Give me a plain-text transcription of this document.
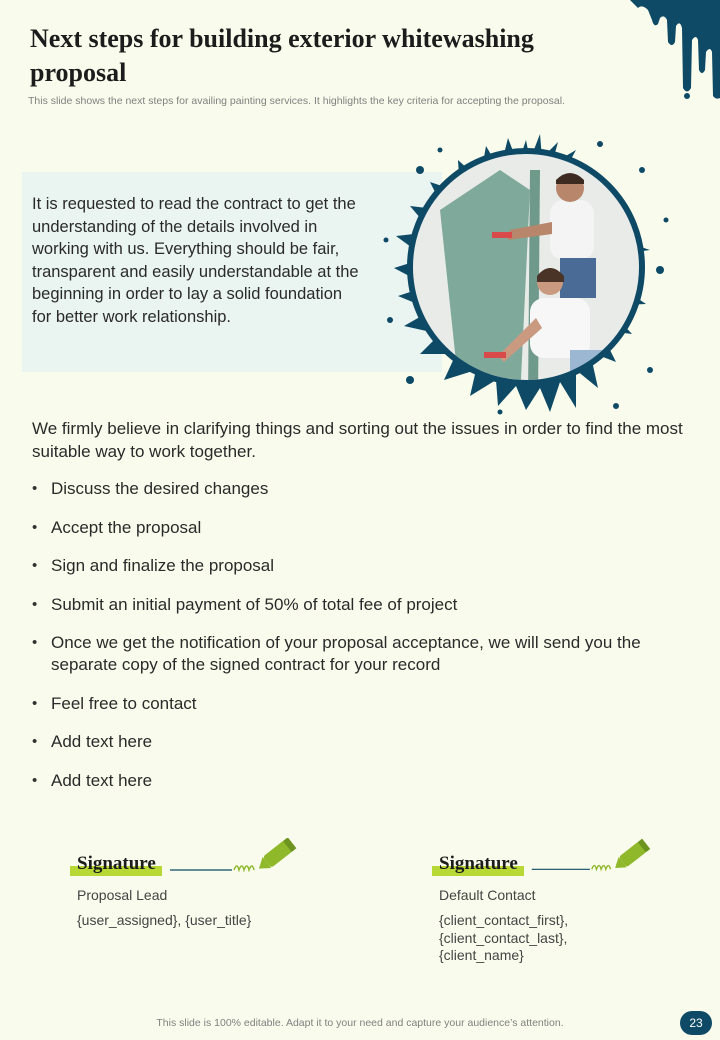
Next steps for building exterior whitewashing proposal

This slide shows the next steps for availing painting services. It highlights the key criteria for accepting the proposal.

It is requested to read the contract to get the understanding of the details involved in working with us. Everything should be fair, transparent and easily understandable at the beginning in order to lay a solid foundation for better work relationship.

We firmly believe in clarifying things and sorting out the issues in order to find the most suitable way to work together.

• Discuss the desired changes
• Accept the proposal
• Sign and finalize the proposal
• Submit an initial payment of 50% of total fee of project
• Once we get the notification of your proposal acceptance, we will send you the separate copy of the signed contract for your record
• Feel free to contact
• Add text here
• Add text here
Signature

Proposal Lead

{user_assigned}, {user_title}

Signature

Default Contact

{client_contact_first}, {client_contact_last}, {client_name}

This slide is 100% editable. Adapt it to your need and capture your audience’s attention.	23
